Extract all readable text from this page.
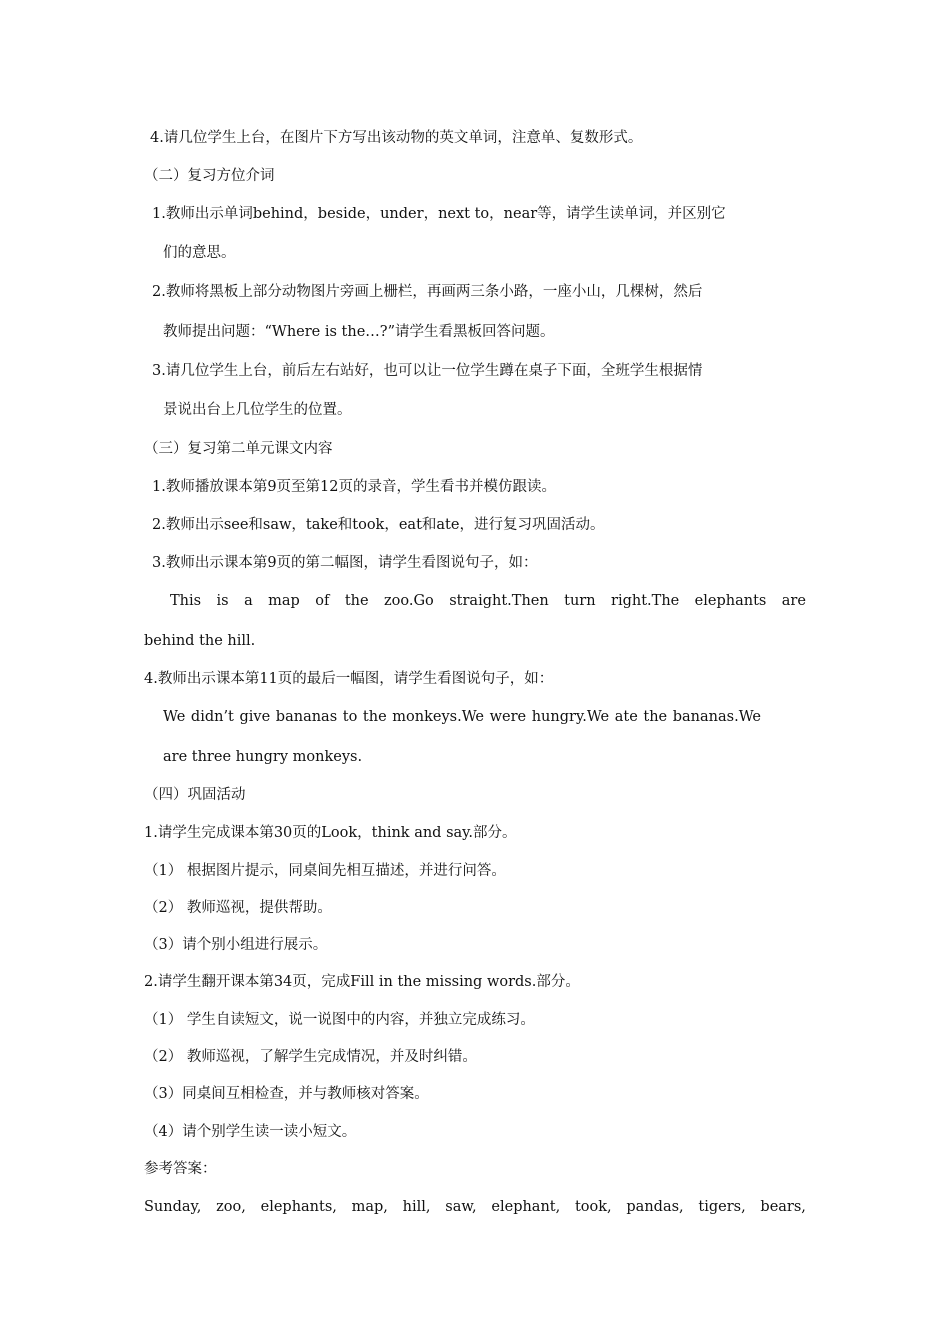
4.请几位学生上台，在图片下方写出该动物的英文单词，注意单、复数形式。
（二）复习方位介词
1.教师出示单词behind，beside，under，next to，near等，请学生读单词，并区别它
们的意思。
2.教师将黑板上部分动物图片旁画上栅栏，再画两三条小路，一座小山，几棵树，然后
教师提出问题：“Where is the…?”请学生看黑板回答问题。
3.请几位学生上台，前后左右站好，也可以让一位学生蹲在桌子下面，全班学生根据情
景说出台上几位学生的位置。
（三）复习第二单元课文内容
1.教师播放课本第9页至第12页的录音，学生看书并模仿跟读。
2.教师出示see和saw，take和took，eat和ate，进行复习巩固活动。
3.教师出示课本第9页的第二幅图，请学生看图说句子，如：
This is a map of the zoo.Go straight.Then turn right.The elephants are
behind the hill.
4.教师出示课本第11页的最后一幅图，请学生看图说句子，如：
We didn’t give bananas to the monkeys.We were hungry.We ate the bananas.We
are three hungry monkeys.
（四）巩固活动
1.请学生完成课本第30页的Look，think and say.部分。
（1） 根据图片提示，同桌间先相互描述，并进行问答。
（2） 教师巡视，提供帮助。
（3）请个别小组进行展示。
2.请学生翻开课本第34页，完成Fill in the missing words.部分。
（1） 学生自读短文，说一说图中的内容，并独立完成练习。
（2） 教师巡视，了解学生完成情况，并及时纠错。
（3）同桌间互相检查，并与教师核对答案。
（4）请个别学生读一读小短文。
参考答案：
Sunday, zoo, elephants, map, hill, saw, elephant, took, pandas, tigers, bears,
